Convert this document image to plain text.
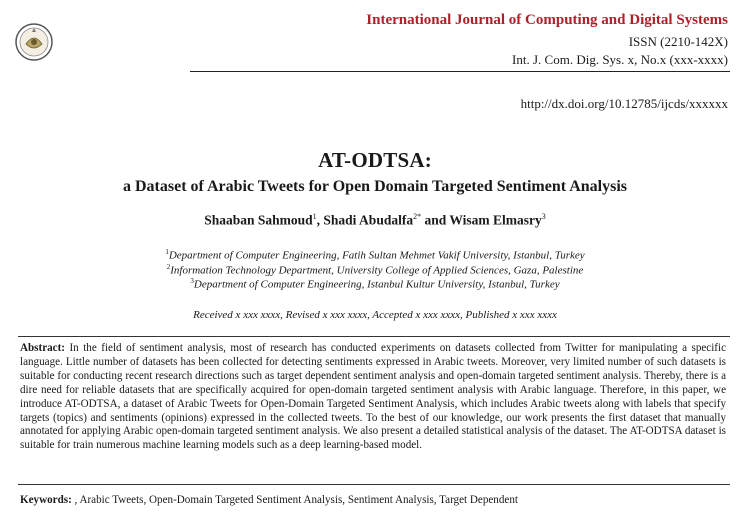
International Journal of Computing and Digital Systems
ISSN (2210-142X)
Int. J. Com. Dig. Sys. x, No.x (xxx-xxxx)
http://dx.doi.org/10.12785/ijcds/xxxxxx
AT-ODTSA:
a Dataset of Arabic Tweets for Open Domain Targeted Sentiment Analysis
Shaaban Sahmoud$^1$, Shadi Abudalfa$^{2*}$ and Wisam Elmasry$^3$
$^1$Department of Computer Engineering, Fatih Sultan Mehmet Vakif University, Istanbul, Turkey
$^2$Information Technology Department, University College of Applied Sciences, Gaza, Palestine
$^3$Department of Computer Engineering, Istanbul Kultur University, Istanbul, Turkey
Received x xxx xxxx, Revised x xxx xxxx, Accepted x xxx xxxx, Published x xxx xxxx
Abstract: In the field of sentiment analysis, most of research has conducted experiments on datasets collected from Twitter for manipulating a specific language. Little number of datasets has been collected for detecting sentiments expressed in Arabic tweets. Moreover, very limited number of such datasets is suitable for conducting recent research directions such as target dependent sentiment analysis and open-domain targeted sentiment analysis. Thereby, there is a dire need for reliable datasets that are specifically acquired for open-domain targeted sentiment analysis with Arabic language. Therefore, in this paper, we introduce AT-ODTSA, a dataset of Arabic Tweets for Open-Domain Targeted Sentiment Analysis, which includes Arabic tweets along with labels that specify targets (topics) and sentiments (opinions) expressed in the collected tweets. To the best of our knowledge, our work presents the first dataset that manually annotated for applying Arabic open-domain targeted sentiment analysis. We also present a detailed statistical analysis of the dataset. The AT-ODTSA dataset is suitable for train numerous machine learning models such as a deep learning-based model.
Keywords: , Arabic Tweets, Open-Domain Targeted Sentiment Analysis, Sentiment Analysis, Target Dependent
